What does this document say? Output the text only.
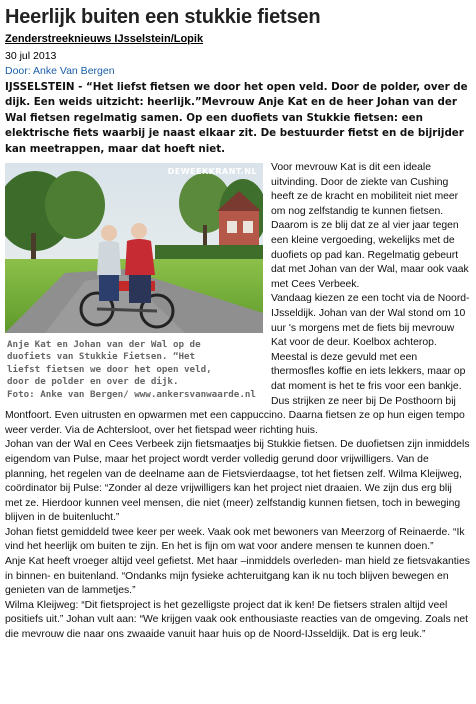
Heerlijk buiten een stukkie fietsen
Zenderstreeknieuws IJsselstein/Lopik
30 jul 2013
Door: Anke Van Bergen
IJSSELSTEIN - “Het liefst fietsen we door het open veld. Door de polder, over de dijk. Een weids uitzicht: heerlijk.”Mevrouw Anje Kat en de heer Johan van der Wal fietsen regelmatig samen. Op een duofiets van Stukkie fietsen: een elektrische fiets waarbij je naast elkaar zit. De bestuurder fietst en de bijrijder kan meetrappen, maar dat hoeft niet.
DEWEEKKRANT.NL
Anje Kat en Johan van der Wal op de
duofiets van Stukkie Fietsen. “Het
liefst fietsen we door het open veld,
door de polder en over de dijk.
Foto: Anke van Bergen/ www.ankersvanwaarde.nl

Voor mevrouw Kat is dit een ideale uitvinding. Door de ziekte van Cushing heeft ze de kracht en mobiliteit niet meer om nog zelfstandig te kunnen fietsen. Daarom is ze blij dat ze al vier jaar tegen een kleine vergoeding, wekelijks met de duofiets op pad kan. Regelmatig gebeurt dat met Johan van der Wal, maar ook vaak met Cees Verbeek.

Vandaag kiezen ze een tocht via de Noord-IJsseldijk. Johan van der Wal stond om 10 uur 's morgens met de fiets bij mevrouw Kat voor de deur. Koelbox achterop. Meestal is deze gevuld met een thermosfles koffie en iets lekkers, maar op dat moment is het te fris voor een bankje. Dus strijken ze neer bij De Posthoorn bij Montfoort. Even uitrusten en opwarmen met een cappuccino. Daarna fietsen ze op hun eigen tempo weer verder. Via de Achtersloot, over het fietspad weer richting huis.

Johan van der Wal en Cees Verbeek zijn fietsmaatjes bij Stukkie fietsen. De duofietsen zijn inmiddels eigendom van Pulse, maar het project wordt verder volledig gerund door vrijwilligers. Van de planning, het regelen van de deelname aan de Fietsvierdaagse, tot het fietsen zelf. Wilma Kleijweg, coördinator bij Pulse: “Zonder al deze vrijwilligers kan het project niet draaien. We zijn dus erg blij met ze. Hierdoor kunnen veel mensen, die niet (meer) zelfstandig kunnen fietsen, toch in beweging blijven in de buitenlucht.”

Johan fietst gemiddeld twee keer per week. Vaak ook met bewoners van Meerzorg of Reinaerde. “Ik vind het heerlijk om buiten te zijn. En het is fijn om wat voor andere mensen te kunnen doen.”

Anje Kat heeft vroeger altijd veel gefietst. Met haar –inmiddels overleden- man hield ze fietsvakanties in binnen- en buitenland. “Ondanks mijn fysieke achteruitgang kan ik nu toch blijven bewegen en genieten van de lammetjes.”

Wilma Kleijweg: “Dit fietsproject is het gezelligste project dat ik ken! De fietsers stralen altijd veel positiefs uit.” Johan vult aan: “We krijgen vaak ook enthousiaste reacties van de omgeving. Zoals net die mevrouw die naar ons zwaaide vanuit haar huis op de Noord-IJsseldijk. Dat is erg leuk.”
